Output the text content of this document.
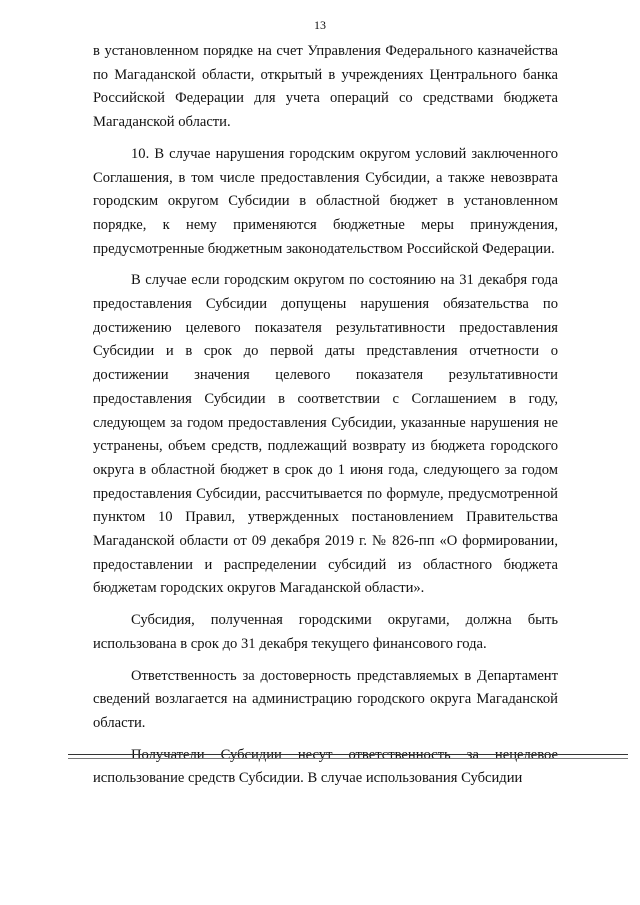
13

в установленном порядке на счет Управления Федерального казначейства по Магаданской области, открытый в учреждениях Центрального банка Российской Федерации для учета операций со средствами бюджета Магаданской области.

10. В случае нарушения городским округом условий заключенного Соглашения, в том числе предоставления Субсидии, а также невозврата городским округом Субсидии в областной бюджет в установленном порядке, к нему применяются бюджетные меры принуждения, предусмотренные бюджетным законодательством Российской Федерации.

В случае если городским округом по состоянию на 31 декабря года предоставления Субсидии допущены нарушения обязательства по достижению целевого показателя результативности предоставления Субсидии и в срок до первой даты представления отчетности о достижении значения целевого показателя результативности предоставления Субсидии в соответствии с Соглашением в году, следующем за годом предоставления Субсидии, указанные нарушения не устранены, объем средств, подлежащий возврату из бюджета городского округа в областной бюджет в срок до 1 июня года, следующего за годом предоставления Субсидии, рассчитывается по формуле, предусмотренной пунктом 10 Правил, утвержденных постановлением Правительства Магаданской области от 09 декабря 2019 г. № 826-пп «О формировании, предоставлении и распределении субсидий из областного бюджета бюджетам городских округов Магаданской области».

Субсидия, полученная городскими округами, должна быть использована в срок до 31 декабря текущего финансового года.

Ответственность за достоверность представляемых в Департамент сведений возлагается на администрацию городского округа Магаданской области.

Получатели Субсидии несут ответственность за нецелевое использование средств Субсидии. В случае использования Субсидии
